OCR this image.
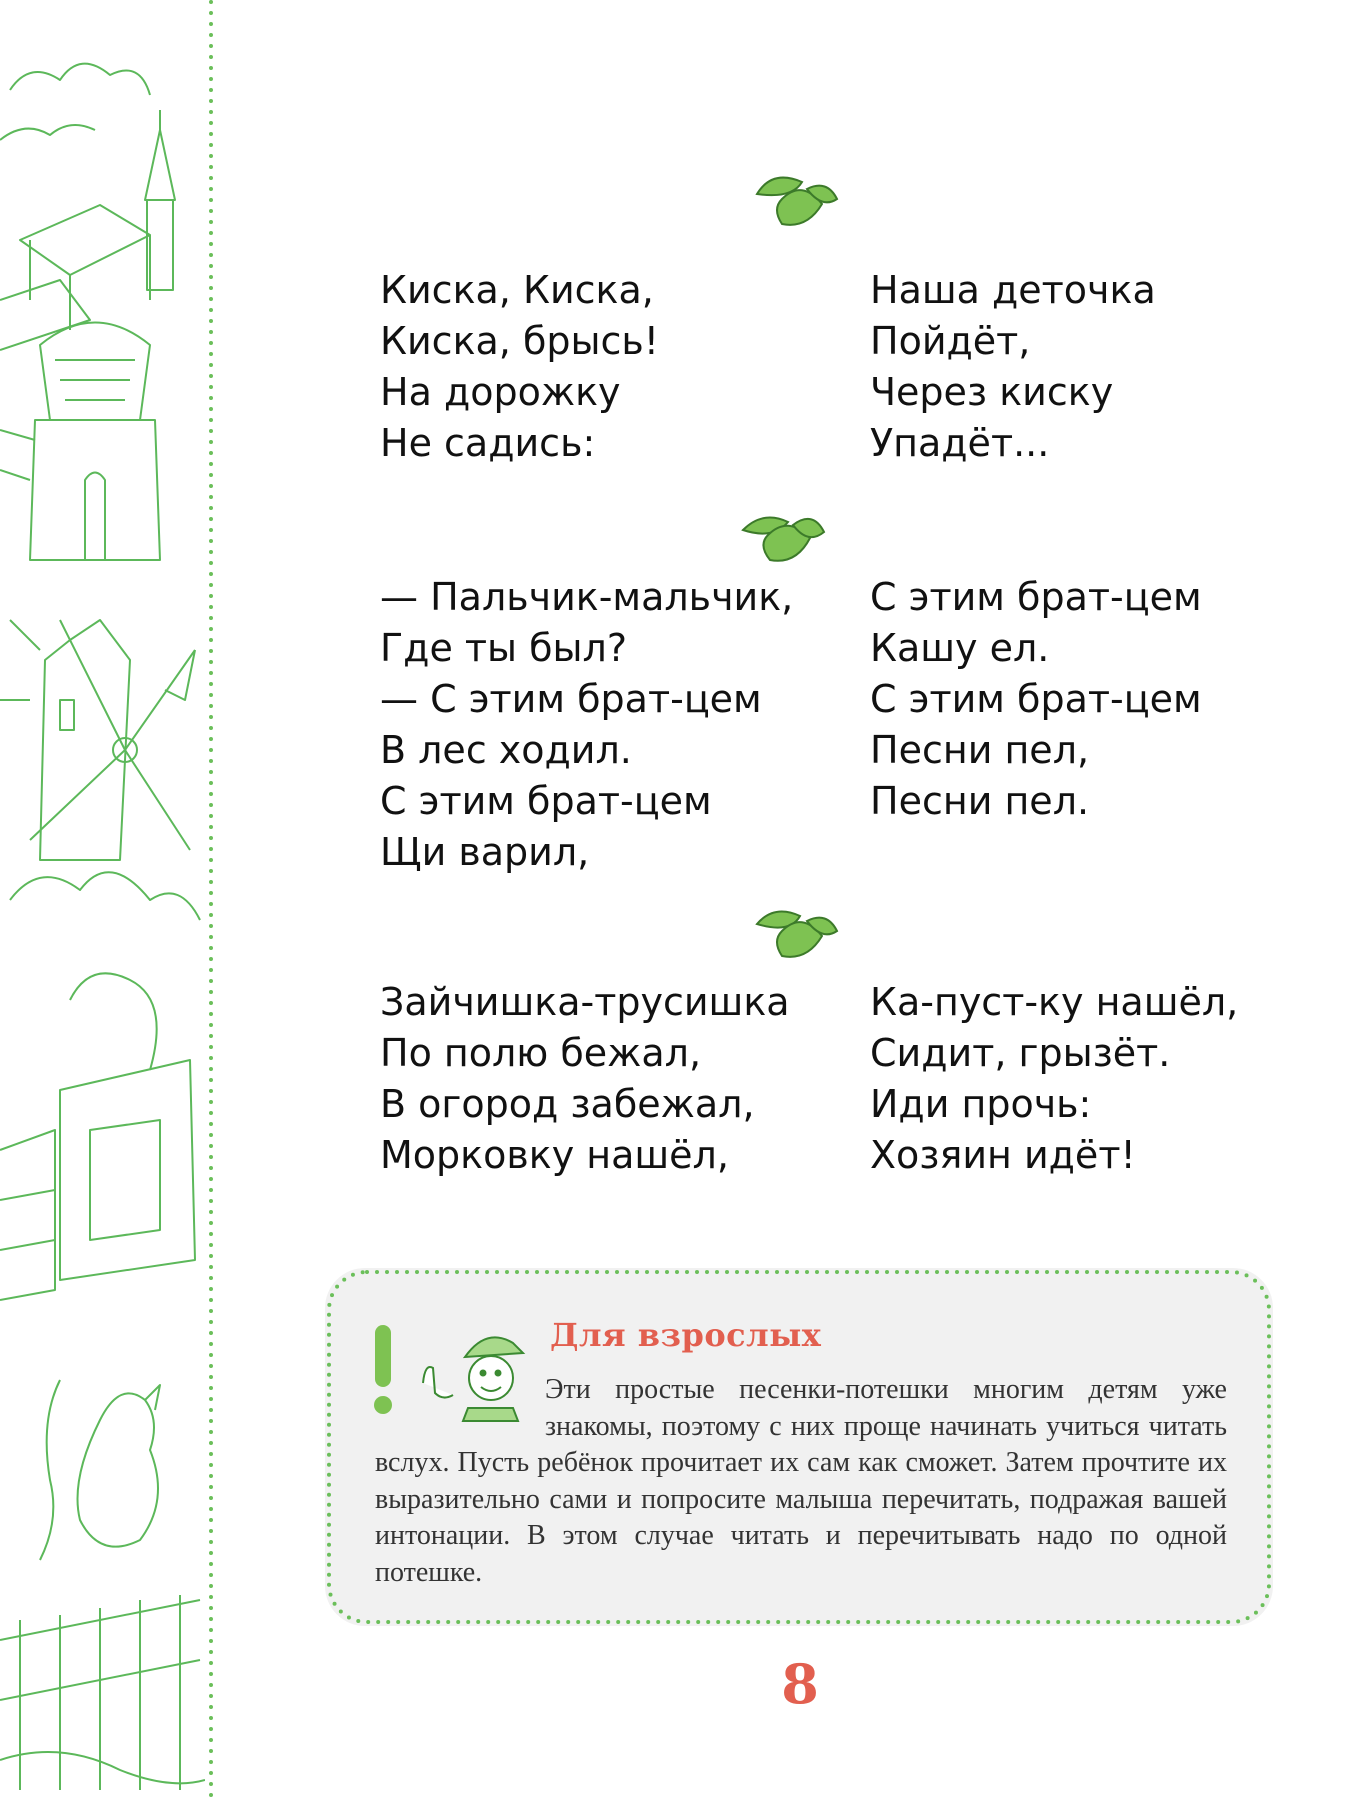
Киска, Киска,
Киска, брысь!
На дорожку
Не садись:
Наша деточка
Пойдёт,
Через киску
Упадёт...
— Пальчик-мальчик,
Где ты был?
— С этим брат-цем
В лес ходил.
С этим брат-цем
Щи варил,
С этим брат-цем
Кашу ел.
С этим брат-цем
Песни пел,
Песни пел.
Зайчишка-трусишка
По полю бежал,
В огород забежал,
Морковку нашёл,
Ка-пуст-ку нашёл,
Сидит, грызёт.
Иди прочь:
Хозяин идёт!
Для взрослых
Эти простые песенки-потешки многим детям уже знакомы, поэтому с них проще начинать учиться читать вслух. Пусть ребёнок прочитает их сам как сможет. Затем прочтите их выразительно сами и попросите малыша перечитать, подражая вашей интонации. В этом случае читать и перечитывать надо по одной потешке.
8
